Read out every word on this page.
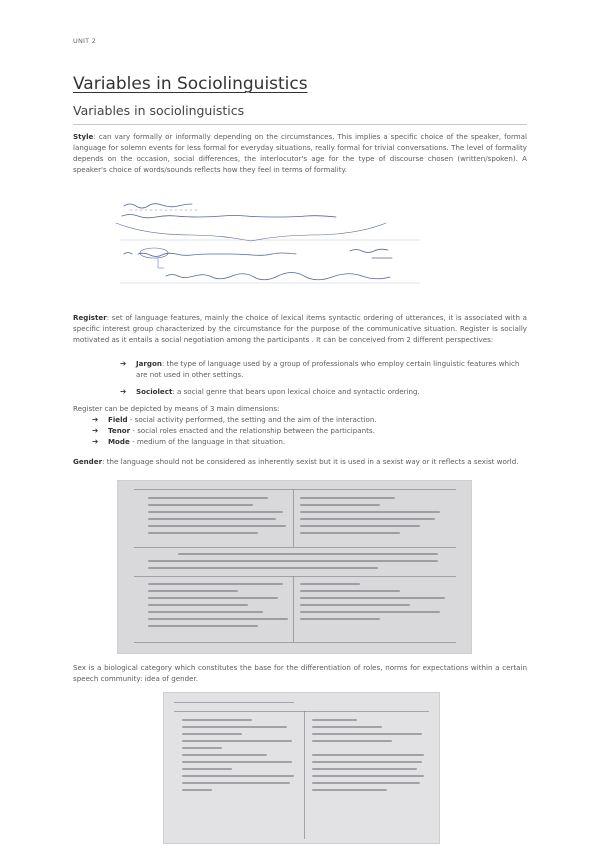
UNIT 2
Variables in Sociolinguistics
Variables in sociolinguistics
Style: can vary formally or informally depending on the circumstances. This implies a specific choice of the speaker, formal language for solemn events for less formal for everyday situations, really formal for trivial conversations. The level of formality depends on the occasion, social differences, the interlocutor's age for the type of discourse chosen (written/spoken). A speaker's choice of words/sounds reflects how they feel in terms of formality.
Register: set of language features, mainly the choice of lexical items syntactic ordering of utterances, it is associated with a specific interest group characterized by the circumstance for the purpose of the communicative situation. Register is socially motivated as it entails a social negotiation among the participants . It can be conceived from 2 different perspectives:
➔ Jargon: the type of language used by a group of professionals who employ certain linguistic features which are not used in other settings.
➔ Sociolect: a social genre that bears upon lexical choice and syntactic ordering.
Register can be depicted by means of 3 main dimensions:
➔ Field - social activity performed, the setting and the aim of the interaction.
➔ Tenor - social roles enacted and the relationship between the participants.
➔ Mode - medium of the language in that situation.
Gender: the language should not be considered as inherently sexist but it is used in a sexist way or it reflects a sexist world.
Sex is a biological category which constitutes the base for the differentiation of roles, norms for expectations within a certain speech community: idea of gender.
